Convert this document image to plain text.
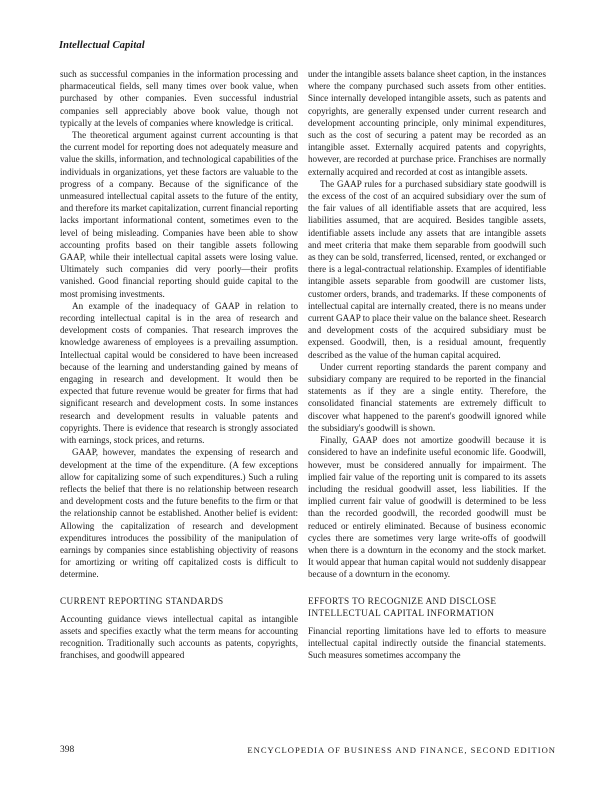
Intellectual Capital

such as successful companies in the information processing and pharmaceutical fields, sell many times over book value, when purchased by other companies. Even successful industrial companies sell appreciably above book value, though not typically at the levels of companies where knowledge is critical.

The theoretical argument against current accounting is that the current model for reporting does not adequately measure and value the skills, information, and technological capabilities of the individuals in organizations, yet these factors are valuable to the progress of a company. Because of the significance of the unmeasured intellectual capital assets to the future of the entity, and therefore its market capitalization, current financial reporting lacks important informational content, sometimes even to the level of being misleading. Companies have been able to show accounting profits based on their tangible assets following GAAP, while their intellectual capital assets were losing value. Ultimately such companies did very poorly—their profits vanished. Good financial reporting should guide capital to the most promising investments.

An example of the inadequacy of GAAP in relation to recording intellectual capital is in the area of research and development costs of companies. That research improves the knowledge awareness of employees is a prevailing assumption. Intellectual capital would be considered to have been increased because of the learning and understanding gained by means of engaging in research and development. It would then be expected that future revenue would be greater for firms that had significant research and development costs. In some instances research and development results in valuable patents and copyrights. There is evidence that research is strongly associated with earnings, stock prices, and returns.

GAAP, however, mandates the expensing of research and development at the time of the expenditure. (A few exceptions allow for capitalizing some of such expenditures.) Such a ruling reflects the belief that there is no relationship between research and development costs and the future benefits to the firm or that the relationship cannot be established. Another belief is evident: Allowing the capitalization of research and development expenditures introduces the possibility of the manipulation of earnings by companies since establishing objectivity of reasons for amortizing or writing off capitalized costs is difficult to determine.

CURRENT REPORTING STANDARDS

Accounting guidance views intellectual capital as intangible assets and specifies exactly what the term means for accounting recognition. Traditionally such accounts as patents, copyrights, franchises, and goodwill appeared

under the intangible assets balance sheet caption, in the instances where the company purchased such assets from other entities. Since internally developed intangible assets, such as patents and copyrights, are generally expensed under current research and development accounting principle, only minimal expenditures, such as the cost of securing a patent may be recorded as an intangible asset. Externally acquired patents and copyrights, however, are recorded at purchase price. Franchises are normally externally acquired and recorded at cost as intangible assets.

The GAAP rules for a purchased subsidiary state goodwill is the excess of the cost of an acquired subsidiary over the sum of the fair values of all identifiable assets that are acquired, less liabilities assumed, that are acquired. Besides tangible assets, identifiable assets include any assets that are intangible assets and meet criteria that make them separable from goodwill such as they can be sold, transferred, licensed, rented, or exchanged or there is a legal-contractual relationship. Examples of identifiable intangible assets separable from goodwill are customer lists, customer orders, brands, and trademarks. If these components of intellectual capital are internally created, there is no means under current GAAP to place their value on the balance sheet. Research and development costs of the acquired subsidiary must be expensed. Goodwill, then, is a residual amount, frequently described as the value of the human capital acquired.

Under current reporting standards the parent company and subsidiary company are required to be reported in the financial statements as if they are a single entity. Therefore, the consolidated financial statements are extremely difficult to discover what happened to the parent's goodwill ignored while the subsidiary's goodwill is shown.

Finally, GAAP does not amortize goodwill because it is considered to have an indefinite useful economic life. Goodwill, however, must be considered annually for impairment. The implied fair value of the reporting unit is compared to its assets including the residual goodwill asset, less liabilities. If the implied current fair value of goodwill is determined to be less than the recorded goodwill, the recorded goodwill must be reduced or entirely eliminated. Because of business economic cycles there are sometimes very large write-offs of goodwill when there is a downturn in the economy and the stock market. It would appear that human capital would not suddenly disappear because of a downturn in the economy.

EFFORTS TO RECOGNIZE AND DISCLOSE INTELLECTUAL CAPITAL INFORMATION

Financial reporting limitations have led to efforts to measure intellectual capital indirectly outside the financial statements. Such measures sometimes accompany the

398	ENCYCLOPEDIA OF BUSINESS AND FINANCE, SECOND EDITION
